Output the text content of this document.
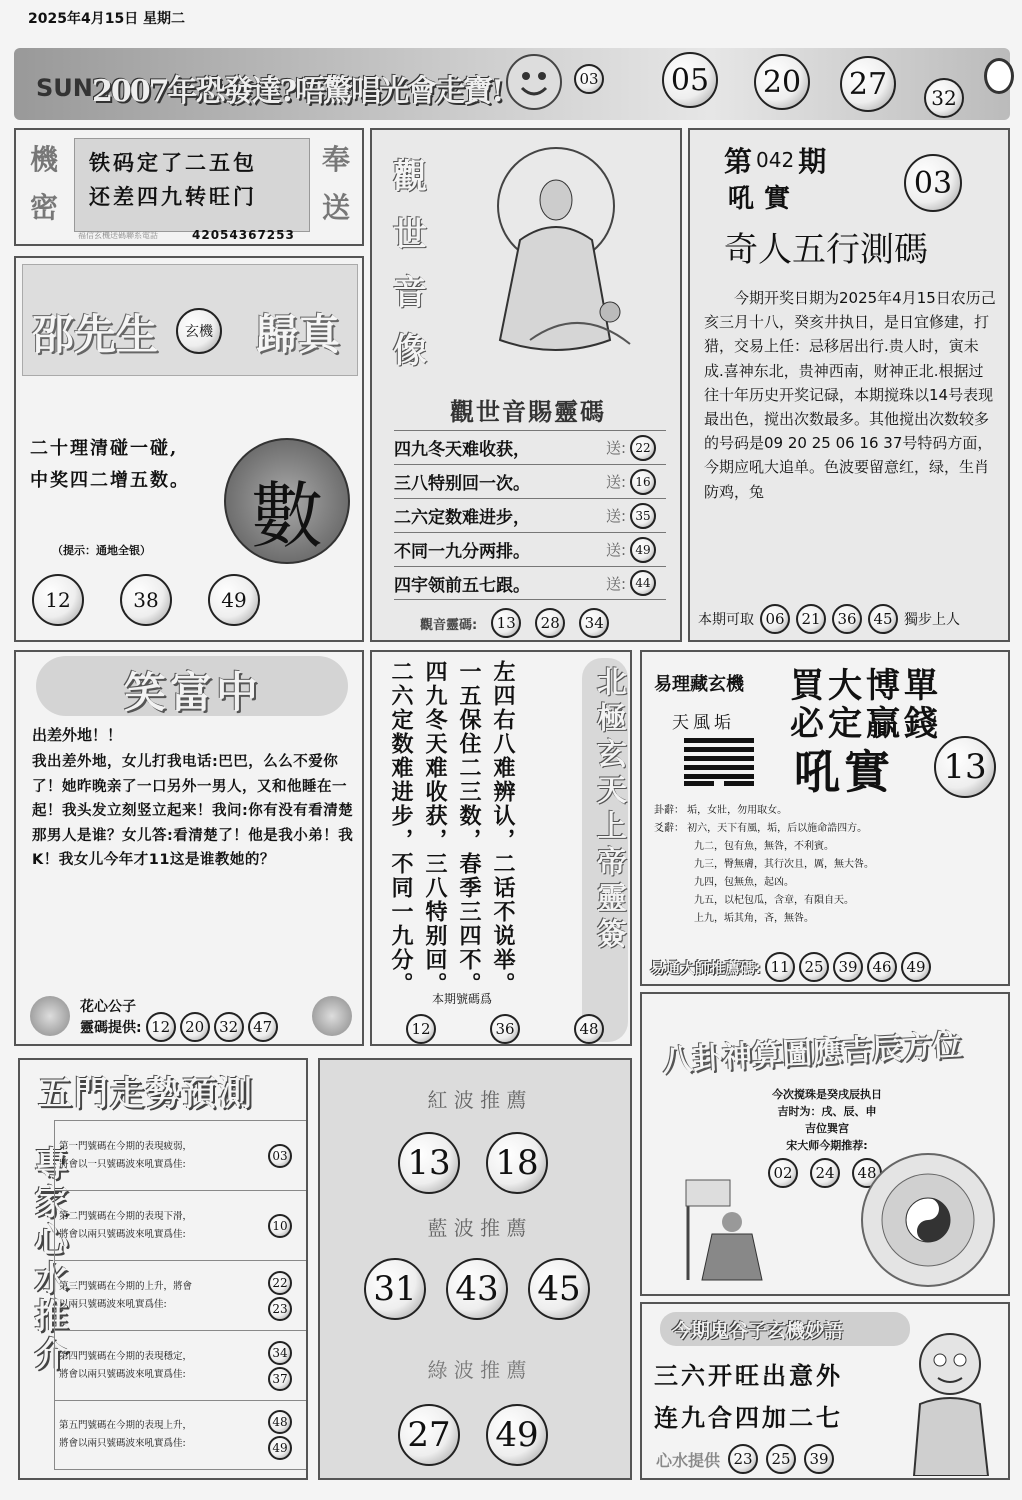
2025年4月15日 星期二
SUN 2007年恐發達?唔驚唱光會走寶!	03 05 20 27	32
機
密
奉
送
铁码定了二五包
还差四九转旺门
福信玄機送碼聯系電話	42054367253
邵先生	玄機 歸真
二十理清碰一碰,
中奖四二增五数。 數
（提示：通地全银）
12	38	49
觀
世
音
像
觀世音賜靈碼
四九冬天难收获，	送: 22
三八特别回一次。	送: 16
二六定数难进步，	送: 35
不同一九分两排。	送: 49
四宇领前五七跟。	送: 44
觀音靈碼:	13	28	34
第 042 期
吼實	03
奇人五行測碼
今期开奖日期为2025年4月15日农历己亥三月十八，癸亥井执日，是日宜修建，打猎，交易上任：忌移居出行.贵人时，寅未成.喜神东北，贵神西南，财神正北.根据过往十年历史开奖记碌，本期搅珠以14号表现最出色，搅出次数最多。其他搅出次数较多的号码是09 20 25 06 16 37号特码方面，今期应吼大追单。色波要留意红，绿，生肖防鸡，兔
本期可取 06	21	36	45 獨步上人
笑富中
出差外地！！
我出差外地，女儿打我电话:巴巴，么么不爱你了！她昨晚亲了一口另外一男人，又和他睡在一起！我头发立刻竖立起来！我问:你有没有看清楚那男人是谁？女儿答:看清楚了！他是我小弟！我K！我女儿今年才11这是谁教她的？
花心公子
靈碼提供: 12 20 32 47
二六定数难进步， 四九冬天难收获， 一五保住二三数， 左四右八难辨认，
不同一九分。 三八特别回。 春季三四不。 二话不说举。	北極玄天上帝靈簽
本期號碼爲
12	36	48
易理藏玄機 買大博單
必定贏錢
天風垢
吼實 13
卦辭： 垢，女壯，勿用取女。
爻辭： 初六，天下有風，垢，后以施命誥四方。
九二，包有魚，無咎，不利賓。
九三，臀無膚，其行次且，厲，無大咎。
九四，包無魚，起凶。
九五，以杞包瓜，含章，有隕自天。
上九，垢其角，吝，無咎。
易通大師推薦碼: 11 25 39 46 49
八卦神算圖應吉辰方位
今次搅珠是癸戌辰执日
吉时为：戌、辰、申
吉位巽宫
宋大师今期推荐:
02	24	48
五門走勢預測
專家心水推介
第一門號碼在今期的表現疲弱，
將會以一只號碼波來吼實爲佳:
03
第二門號碼在今期的表現下滑，
將會以兩只號碼波來吼實爲佳:
10
第三門號碼在今期的上升，將會
以兩只號碼波來吼實爲佳:
22
23
第四門號碼在今期的表現穩定，
將會以兩只號碼波來吼實爲佳:
34
37
第五門號碼在今期的表現上升，
將會以兩只號碼波來吼實爲佳:
48
49
紅 波 推 薦
13 18
藍 波 推 薦
31 43 45
綠 波 推 薦
27 49
今期鬼谷子玄機妙語
三六开旺出意外
连九合四加二七
心水提供 23	25	39
